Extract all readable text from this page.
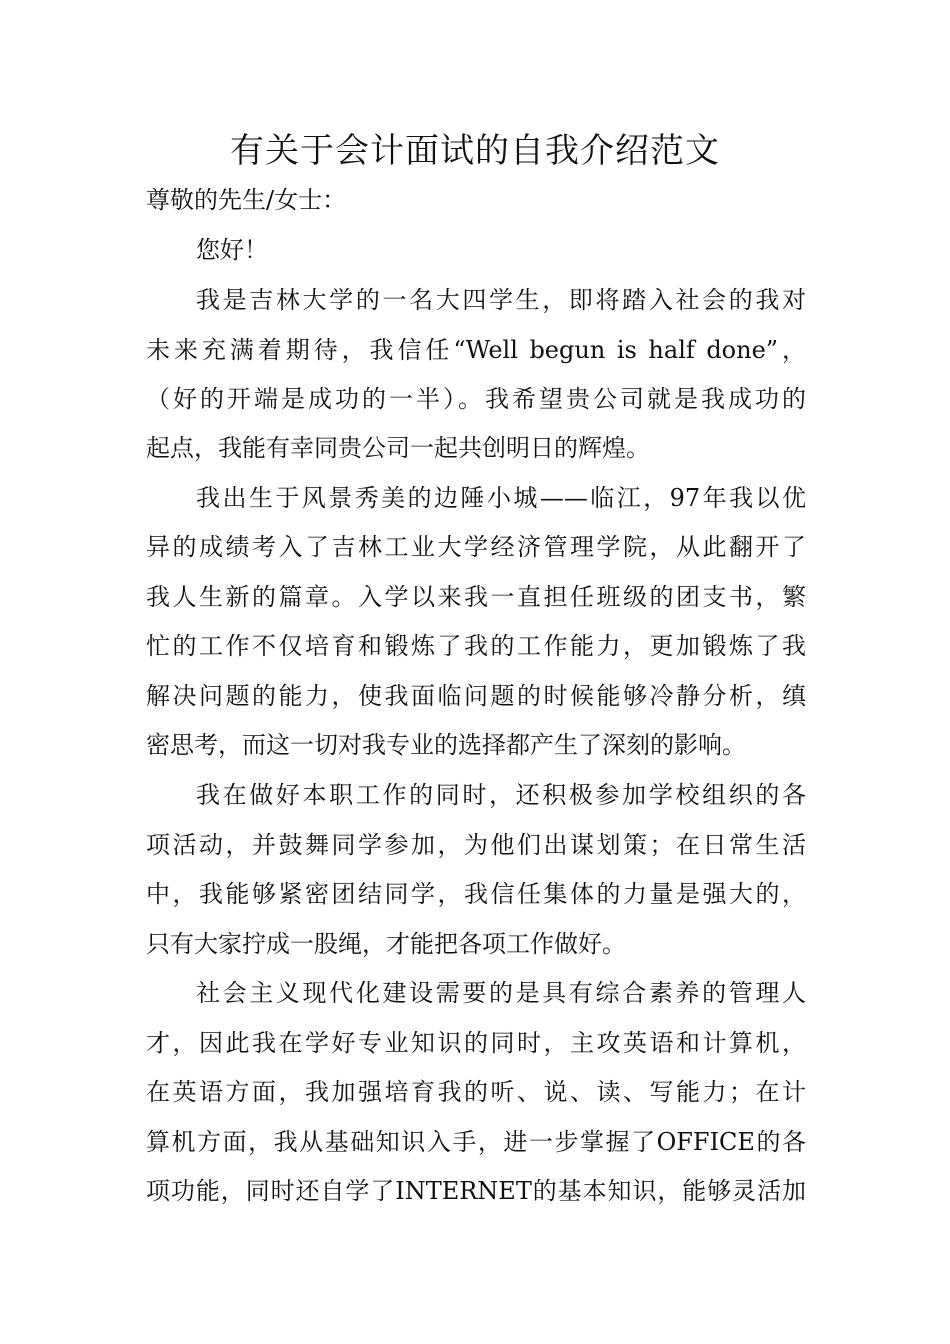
有关于会计面试的自我介绍范文

尊敬的先生/女士：

您好！

我是吉林大学的一名大四学生，即将踏入社会的我对

未来充满着期待，我信任“Well begun is half done”，

（好的开端是成功的一半）。我希望贵公司就是我成功的

起点，我能有幸同贵公司一起共创明日的辉煌。

我出生于风景秀美的边陲小城——临江，97年我以优

异的成绩考入了吉林工业大学经济管理学院，从此翻开了

我人生新的篇章。入学以来我一直担任班级的团支书，繁

忙的工作不仅培育和锻炼了我的工作能力，更加锻炼了我

解决问题的能力，使我面临问题的时候能够冷静分析，缜

密思考，而这一切对我专业的选择都产生了深刻的影响。

我在做好本职工作的同时，还积极参加学校组织的各

项活动，并鼓舞同学参加，为他们出谋划策；在日常生活

中，我能够紧密团结同学，我信任集体的力量是强大的，

只有大家拧成一股绳，才能把各项工作做好。

社会主义现代化建设需要的是具有综合素养的管理人

才，因此我在学好专业知识的同时，主攻英语和计算机，

在英语方面，我加强培育我的听、说、读、写能力；在计

算机方面，我从基础知识入手，进一步掌握了OFFICE的各

项功能，同时还自学了INTERNET的基本知识，能够灵活加
